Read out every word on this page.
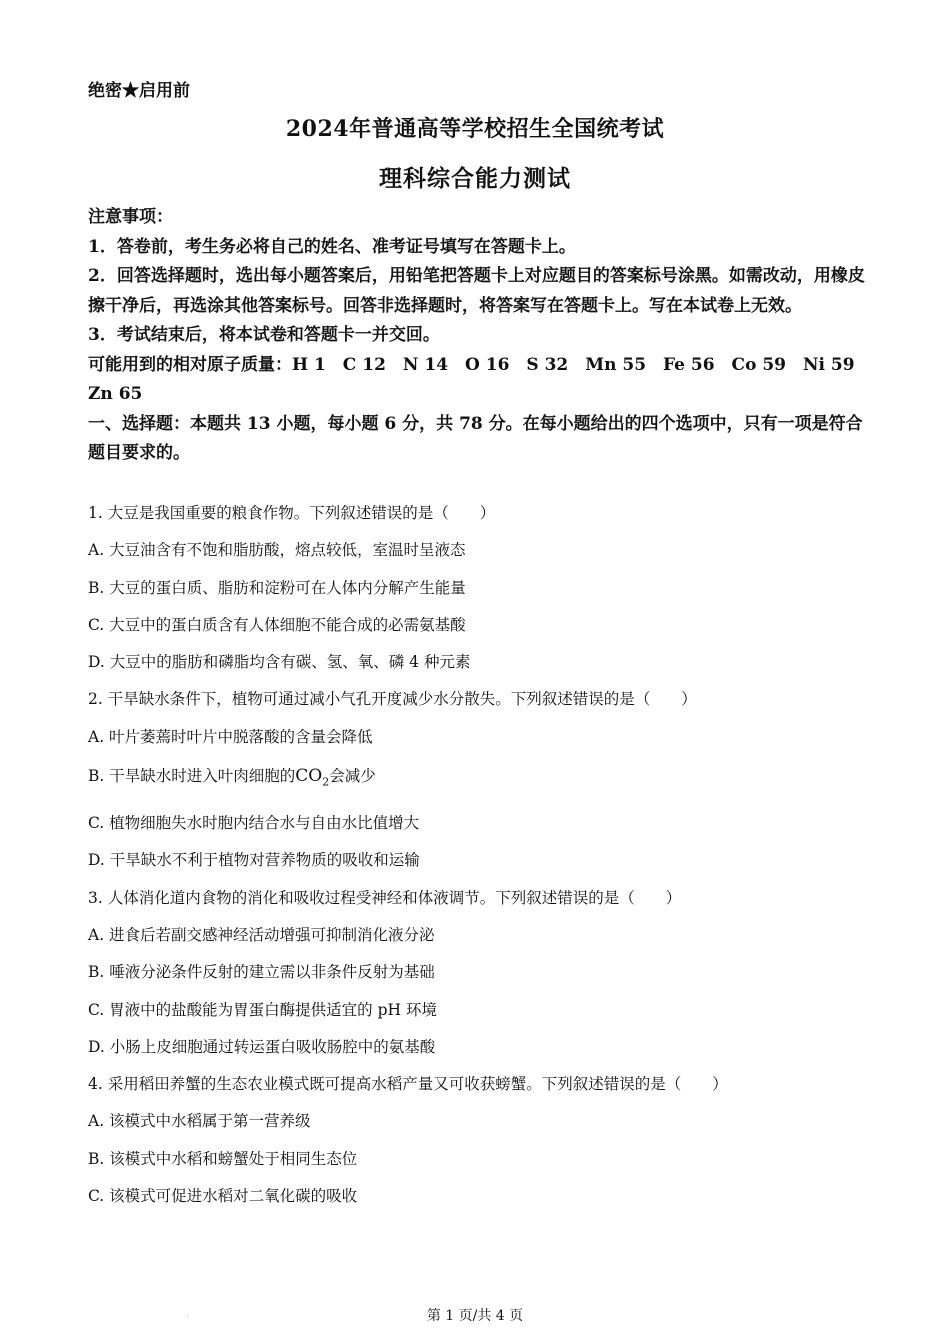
绝密★启用前
2024年普通高等学校招生全国统考试
理科综合能力测试

注意事项：

1．答卷前，考生务必将自己的姓名、准考证号填写在答题卡上。

2．回答选择题时，选出每小题答案后，用铅笔把答题卡上对应题目的答案标号涂黑。如需改动，用橡皮擦干净后，再选涂其他答案标号。回答非选择题时，将答案写在答题卡上。写在本试卷上无效。

3．考试结束后，将本试卷和答题卡一并交回。

可能用到的相对原子质量：H 1　C 12　N 14　O 16　S 32　Mn 55　Fe 56　Co 59　Ni 59　Zn 65

一、选择题：本题共 13 小题，每小题 6 分，共 78 分。在每小题给出的四个选项中，只有一项是符合题目要求的。

1. 大豆是我国重要的粮食作物。下列叙述错误的是（　　）

A. 大豆油含有不饱和脂肪酸，熔点较低，室温时呈液态

B. 大豆的蛋白质、脂肪和淀粉可在人体内分解产生能量

C. 大豆中的蛋白质含有人体细胞不能合成的必需氨基酸

D. 大豆中的脂肪和磷脂均含有碳、氢、氧、磷 4 种元素

2. 干旱缺水条件下，植物可通过减小气孔开度减少水分散失。下列叙述错误的是（　　）

A. 叶片萎蔫时叶片中脱落酸的含量会降低

B. 干旱缺水时进入叶肉细胞的$CO_2$会减少

C. 植物细胞失水时胞内结合水与自由水比值增大

D. 干旱缺水不利于植物对营养物质的吸收和运输

3. 人体消化道内食物的消化和吸收过程受神经和体液调节。下列叙述错误的是（　　）

A. 进食后若副交感神经活动增强可抑制消化液分泌

B. 唾液分泌条件反射的建立需以非条件反射为基础

C. 胃液中的盐酸能为胃蛋白酶提供适宜的 pH 环境

D. 小肠上皮细胞通过转运蛋白吸收肠腔中的氨基酸

4. 采用稻田养蟹的生态农业模式既可提高水稻产量又可收获螃蟹。下列叙述错误的是（　　）

A. 该模式中水稻属于第一营养级

B. 该模式中水稻和螃蟹处于相同生态位

C. 该模式可促进水稻对二氧化碳的吸收

.	第 1 页/共 4 页
